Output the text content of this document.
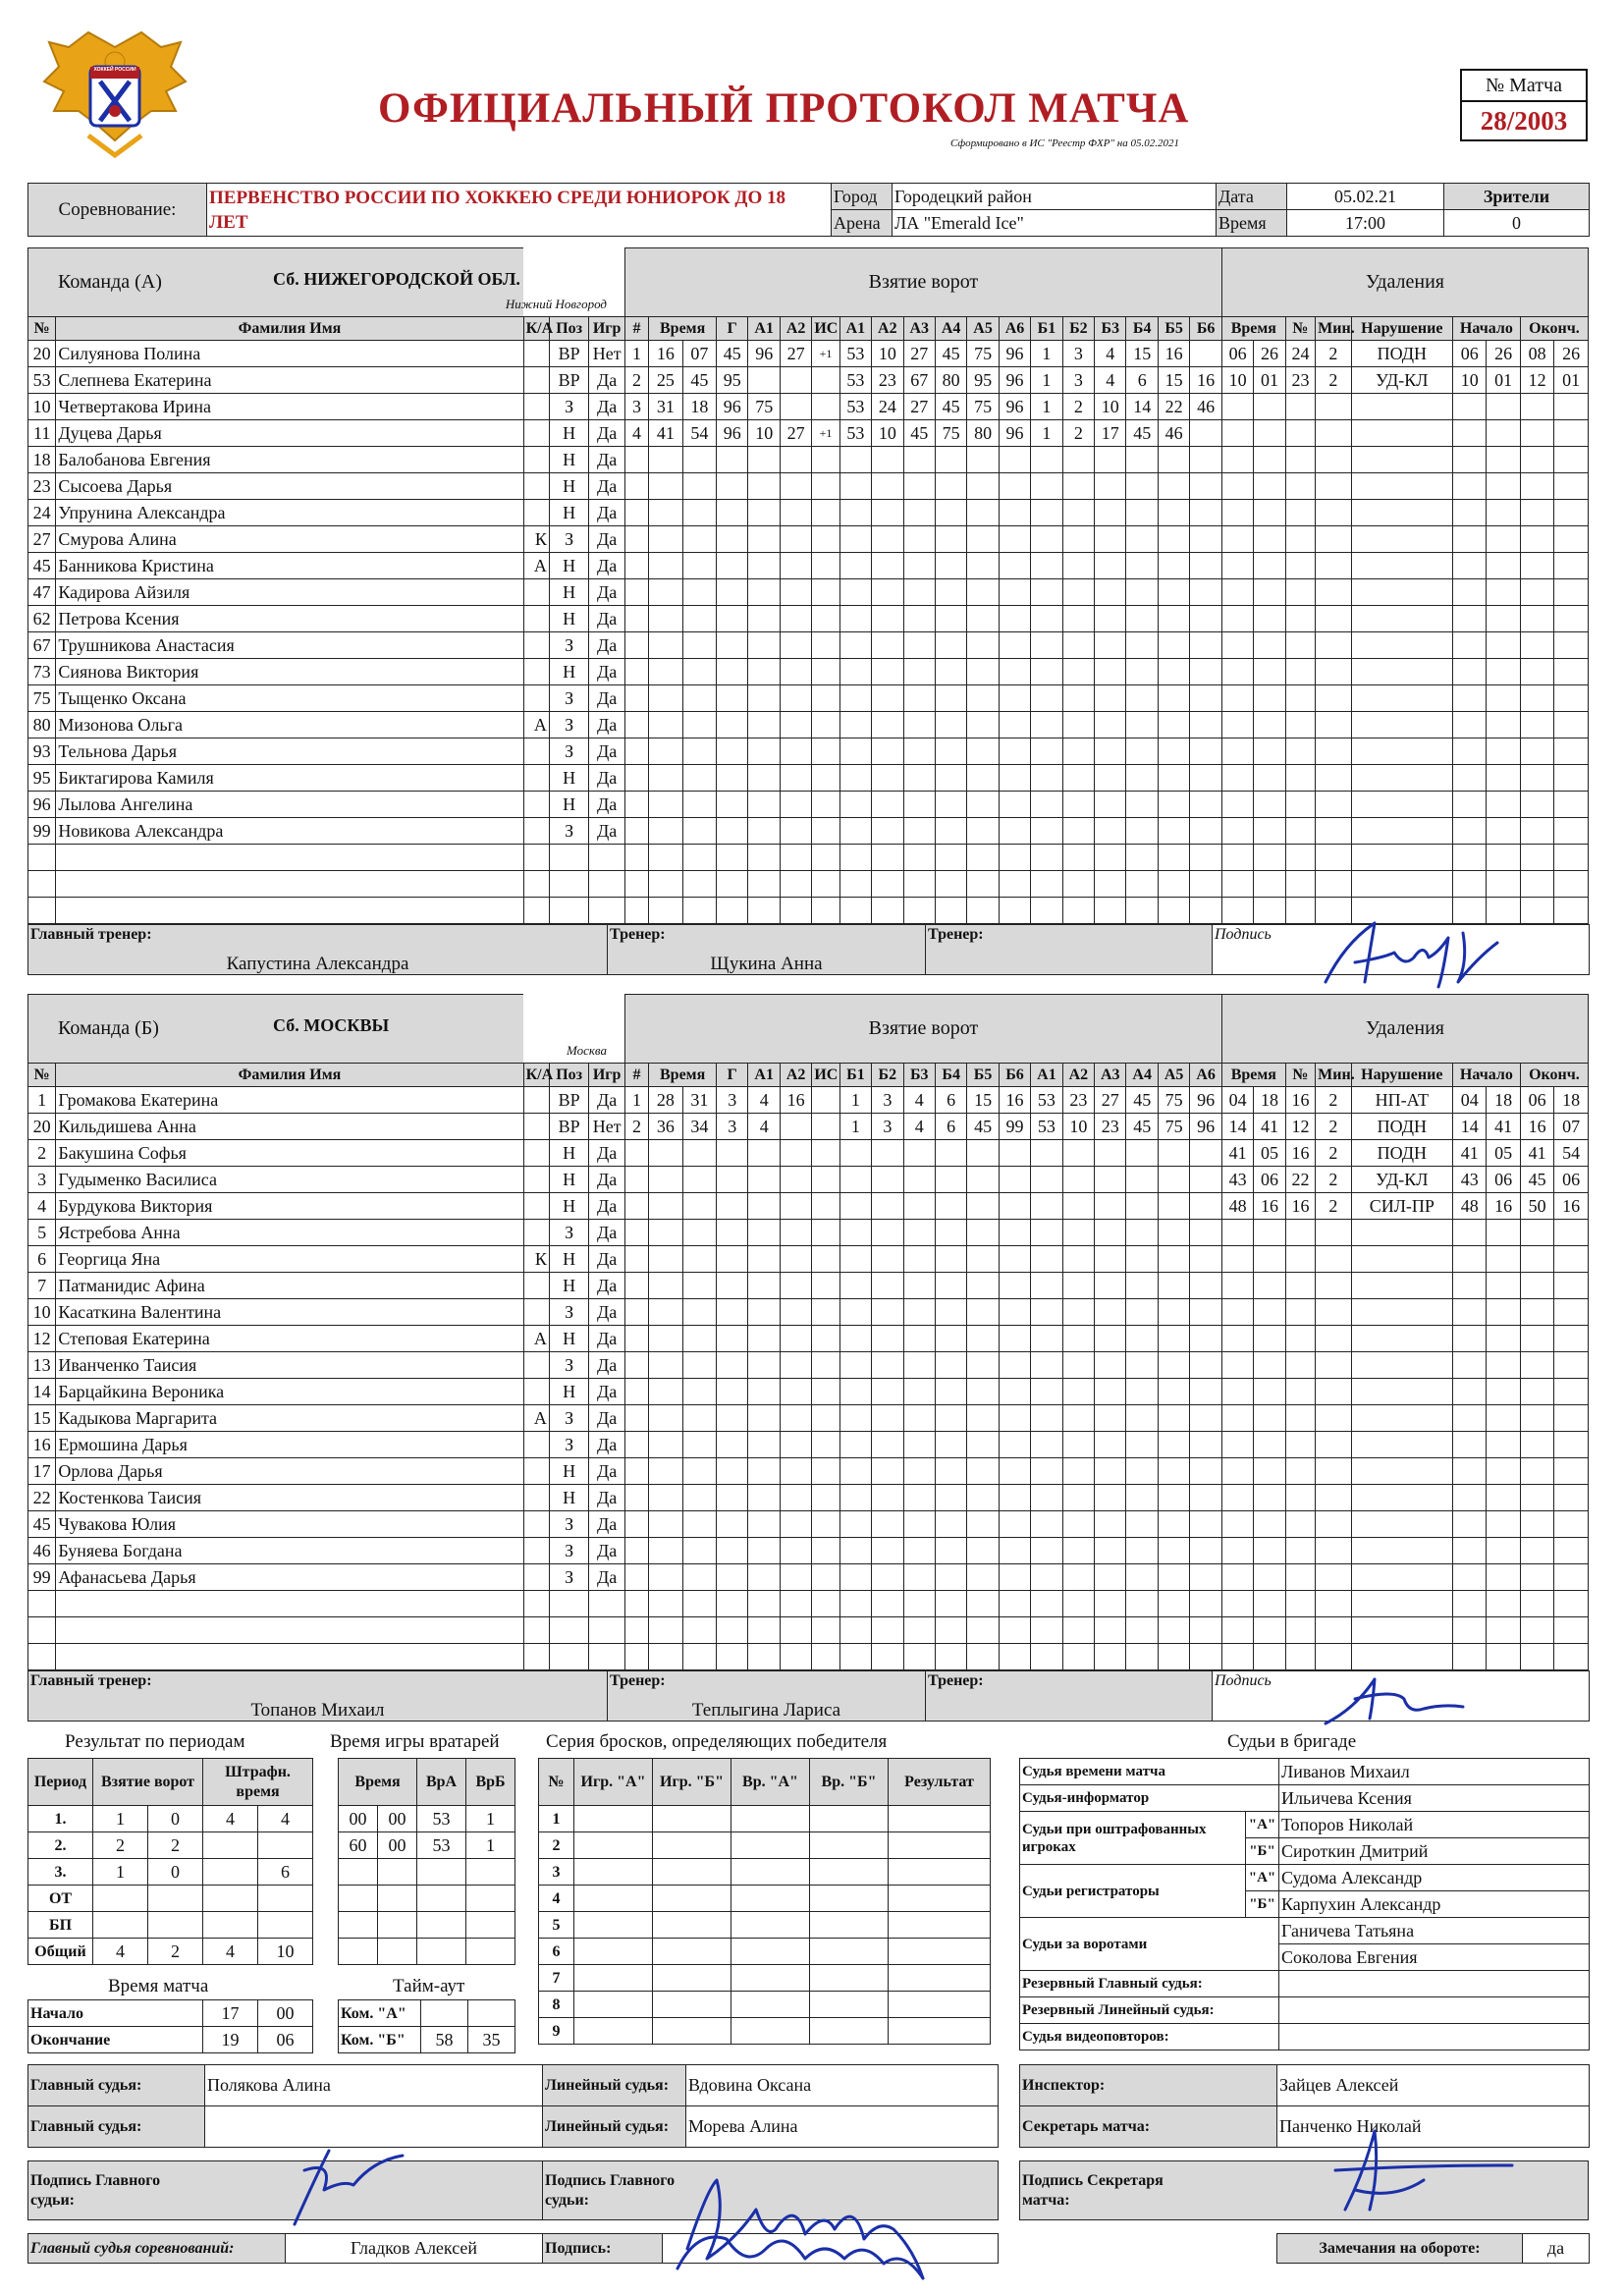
ХОККЕЙ РОССИИ
ОФИЦИАЛЬНЫЙ ПРОТОКОЛ МАТЧА
Сформировано в ИС "Реестр ФХР" на 05.02.2021
№ Матча
28/2003
Соревнование:	ПЕРВЕНСТВО РОССИИ ПО ХОККЕЮ СРЕДИ ЮНИОРОК ДО 18 ЛЕТ	Город	Городецкий район	Дата	05.02.21	Зрители
		Арена	ЛА "Emerald Ice"	Время	17:00	0
Команда (А)					Взятие ворот																			Удаления								
№	Фамилия Имя	К/А	Поз	Игр	#	Время		Г	А1	А2	ИС	А1	А2	А3	А4	А5	А6	Б1	Б2	Б3	Б4	Б5	Б6	Время		№	Мин.	Нарушение	Начало		Оконч.	
20	Силуянова Полина		ВР	Нет	1	16	07	45	96	27	+1	53	10	27	45	75	96	1	3	4	15	16		06	26	24	2	ПОДН	06	26	08	26
53	Слепнева Екатерина		ВР	Да	2	25	45	95				53	23	67	80	95	96	1	3	4	6	15	16	10	01	23	2	УД-КЛ	10	01	12	01
10	Четвертакова Ирина		З	Да	3	31	18	96	75			53	24	27	45	75	96	1	2	10	14	22	46									
11	Дуцева Дарья		Н	Да	4	41	54	96	10	27	+1	53	10	45	75	80	96	1	2	17	45	46										
18	Балобанова Евгения		Н	Да																												
23	Сысоева Дарья		Н	Да																												
24	Упрунина Александра		Н	Да																												
27	Смурова Алина	К	З	Да																												
45	Банникова Кристина	А	Н	Да																												
47	Кадирова Айзиля		Н	Да																												
62	Петрова Ксения		Н	Да																												
67	Трушникова Анастасия		З	Да																												
73	Сиянова Виктория		Н	Да																												
75	Тыщенко Оксана		З	Да																												
80	Мизонова Ольга	А	З	Да																												
93	Тельнова Дарья		З	Да																												
95	Биктагирова Камиля		Н	Да																												
96	Лылова Ангелина		Н	Да																												
99	Новикова Александра		З	Да																												

Главный тренер:
Капустина Александра

Тренер:
Щукина Анна

Тренер:	Подпись
Сб. НИЖЕГОРОДСКОЙ ОБЛ.
Нижний Новгород
Команда (Б)					Взятие ворот																			Удаления								
№	Фамилия Имя	К/А	Поз	Игр	#	Время		Г	А1	А2	ИС	Б1	Б2	Б3	Б4	Б5	Б6	А1	А2	А3	А4	А5	А6	Время		№	Мин.	Нарушение	Начало		Оконч.	
1	Громакова Екатерина		ВР	Да	1	28	31	3	4	16		1	3	4	6	15	16	53	23	27	45	75	96	04	18	16	2	НП-АТ	04	18	06	18
20	Кильдишева Анна		ВР	Нет	2	36	34	3	4			1	3	4	6	45	99	53	10	23	45	75	96	14	41	12	2	ПОДН	14	41	16	07
2	Бакушина Софья		Н	Да																				41	05	16	2	ПОДН	41	05	41	54
3	Гудыменко Василиса		Н	Да																				43	06	22	2	УД-КЛ	43	06	45	06
4	Бурдукова Виктория		Н	Да																				48	16	16	2	СИЛ-ПР	48	16	50	16
5	Ястребова Анна		З	Да																												
6	Георгица Яна	К	Н	Да																												
7	Патманидис Афина		Н	Да																												
10	Касаткина Валентина		З	Да																												
12	Степовая Екатерина	А	Н	Да																												
13	Иванченко Таисия		З	Да																												
14	Барцайкина Вероника		Н	Да																												
15	Кадыкова Маргарита	А	З	Да																												
16	Ермошина Дарья		З	Да																												
17	Орлова Дарья		Н	Да																												
22	Костенкова Таисия		Н	Да																												
45	Чувакова Юлия		З	Да																												
46	Буняева Богдана		З	Да																												
99	Афанасьева Дарья		З	Да																												

Главный тренер:
Топанов Михаил

Тренер:
Теплыгина Лариса

Тренер:	Подпись
Сб. МОСКВЫ
Москва
Результат по периодам
Период	Взятие ворот		Штрафн. время	

1.	1	0	4	4
2.	2	2		
3.	1	0		6
ОТ				
БП				
Общий	4	2	4	10
Время игры вратарей
Время		ВрА	ВрБ
00	00	53	1
60	00	53	1

Серия бросков, определяющих победителя
№	Игр. "А"	Игр. "Б"	Вр. "А"	Вр. "Б"	Результат
1					
2					
3					
4					
5					
6					
7					
8					
9					
Судьи в бригаде
Судья времени матча		Ливанов Михаил
Судья-информатор		Ильичева Ксения
Судьи при оштрафованных игроках	"А"	Топоров Николай
	"Б"	Сироткин Дмитрий
Судьи регистраторы	"А"	Судома Александр
	"Б"	Карпухин Александр
Судьи за воротами		Ганичева Татьяна
		Соколова Евгения
Резервный Главный судья:		
Резервный Линейный судья:		
Судья видеоповторов:		
Время матча
Начало	17	00
Окончание	19	06
Тайм-аут
Ком. "А"		
Ком. "Б"	58	35
Главный судья:	Полякова Алина	Линейный судья:	Вдовина Оксана
Главный судья:		Линейный судья:	Морева Алина
Инспектор:	Зайцев Алексей
Секретарь матча:	Панченко Николай
Подпись Главного судьи:

Подпись Главного судьи:
Подпись Секретаря матча:
Главный судья соревнований:	Гладков Алексей	Подпись:		Замечания на обороте:	да
